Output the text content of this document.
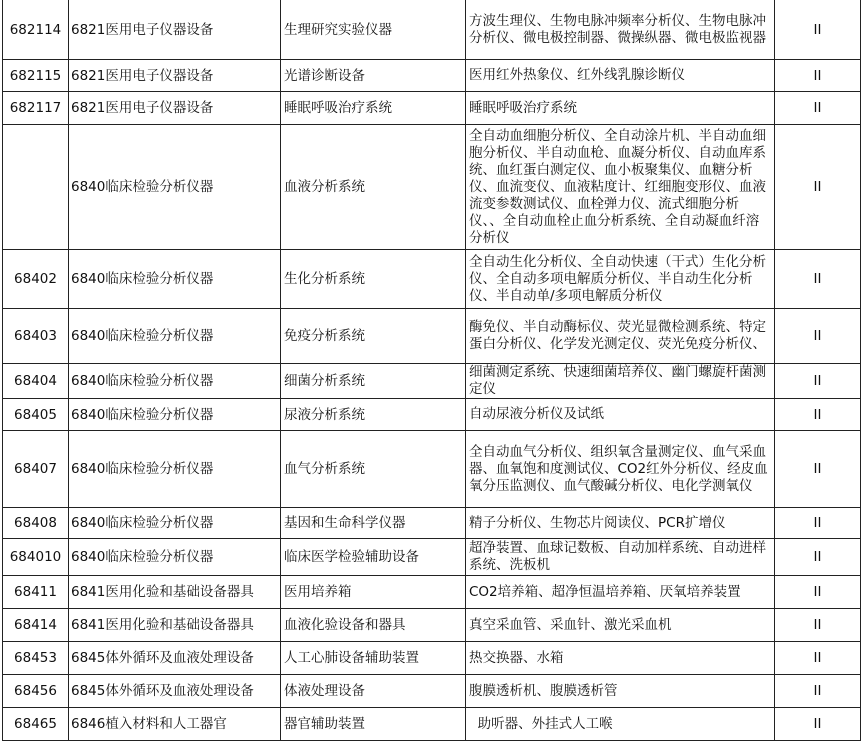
682114	6821医用电子仪器设备	生理研究实验仪器	方波生理仪、生物电脉冲频率分析仪、生物电脉冲分析仪、微电极控制器、微操纵器、微电极监视器	II
682115	6821医用电子仪器设备	光谱诊断设备	医用红外热象仪、红外线乳腺诊断仪	II
682117	6821医用电子仪器设备	睡眠呼吸治疗系统	睡眠呼吸治疗系统	II
	6840临床检验分析仪器	血液分析系统	全自动血细胞分析仪、全自动涂片机、半自动血细胞分析仪、半自动血枪、血凝分析仪、自动血库系统、血红蛋白测定仪、血小板聚集仪、血糖分析仪、血流变仪、血液粘度计、红细胞变形仪、血液流变参数测试仪、血栓弹力仪、流式细胞分析仪、、全自动血栓止血分析系统、全自动凝血纤溶分析仪	II
68402	6840临床检验分析仪器	生化分析系统	全自动生化分析仪、全自动快速（干式）生化分析仪、全自动多项电解质分析仪、半自动生化分析仪、半自动单/多项电解质分析仪	II
68403	6840临床检验分析仪器	免疫分析系统	酶免仪、半自动酶标仪、荧光显微检测系统、特定蛋白分析仪、化学发光测定仪、荧光免疫分析仪、	II
68404	6840临床检验分析仪器	细菌分析系统	细菌测定系统、快速细菌培养仪、幽门螺旋杆菌测定仪	II
68405	6840临床检验分析仪器	尿液分析系统	自动尿液分析仪及试纸	II
68407	6840临床检验分析仪器	血气分析系统	全自动血气分析仪、组织氧含量测定仪、血气采血器、血氧饱和度测试仪、CO2红外分析仪、经皮血氧分压监测仪、血气酸碱分析仪、电化学测氧仪	II
68408	6840临床检验分析仪器	基因和生命科学仪器	精子分析仪、生物芯片阅读仪、PCR扩增仪	II
684010	6840临床检验分析仪器	临床医学检验辅助设备	超净装置、血球记数板、自动加样系统、自动进样系统、洗板机	II
68411	6841医用化验和基础设备器具	医用培养箱	CO2培养箱、超净恒温培养箱、厌氧培养装置	II
68414	6841医用化验和基础设备器具	血液化验设备和器具	真空采血管、采血针、激光采血机	II
68453	6845体外循环及血液处理设备	人工心肺设备辅助装置	热交换器、水箱	II
68456	6845体外循环及血液处理设备	体液处理设备	腹膜透析机、腹膜透析管	II
68465	6846植入材料和人工器官	器官辅助装置	助听器、外挂式人工喉	II
